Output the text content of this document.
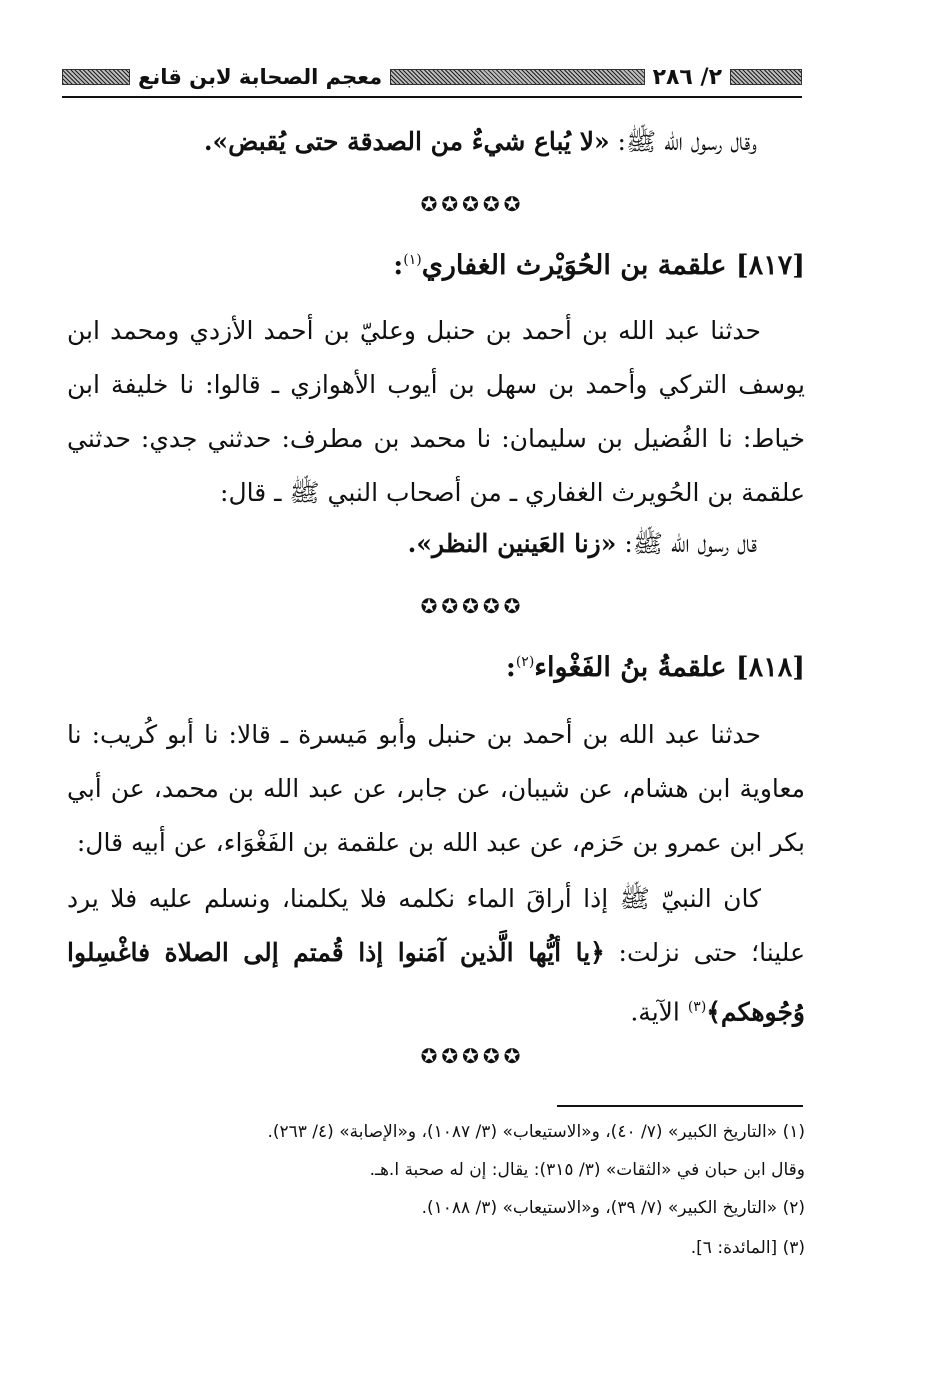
٢/ ٢٨٦
معجم الصحابة لابن قانع
وقال رسول الله ﷺ: «لا يُباع شيءٌ من الصدقة حتى يُقبض».
✪✪✪✪✪
[٨١٧] علقمة بن الحُوَيْرث الغفاري$^{(١)}$:
حدثنا عبد الله بن أحمد بن حنبل وعليّ بن أحمد الأزدي ومحمد ابن يوسف التركي وأحمد بن سهل بن أيوب الأهوازي ـ قالوا: نا خليفة ابن خياط: نا الفُضيل بن سليمان: نا محمد بن مطرف: حدثني جدي: حدثني علقمة بن الحُويرث الغفاري ـ من أصحاب النبي ﷺ ـ قال:
قال رسول الله ﷺ: «زنا العَينين النظر».
✪✪✪✪✪
[٨١٨] علقمةُ بنُ الفَغْواء$^{(٢)}$:
حدثنا عبد الله بن أحمد بن حنبل وأبو مَيسرة ـ قالا: نا أبو كُريب: نا معاوية ابن هشام، عن شيبان، عن جابر، عن عبد الله بن محمد، عن أبي بكر ابن عمرو بن حَزم، عن عبد الله بن علقمة بن الفَغْوَاء، عن أبيه قال:
كان النبيّ ﷺ إذا أراقَ الماء نكلمه فلا يكلمنا، ونسلم عليه فلا يرد علينا؛ حتى نزلت: ﴿يا أيُّها الَّذين آمَنوا إذا قُمتم إلى الصلاة فاغْسِلوا وُجُوهكم﴾$^{(٣)}$ الآية.
✪✪✪✪✪
(١) «التاريخ الكبير» (٧/ ٤٠)، و«الاستيعاب» (٣/ ١٠٨٧)، و«الإصابة» (٤/ ٢٦٣).
وقال ابن حبان في «الثقات» (٣/ ٣١٥): يقال: إن له صحبة ا.هـ.
(٢) «التاريخ الكبير» (٧/ ٣٩)، و«الاستيعاب» (٣/ ١٠٨٨).
(٣) [المائدة: ٦].
